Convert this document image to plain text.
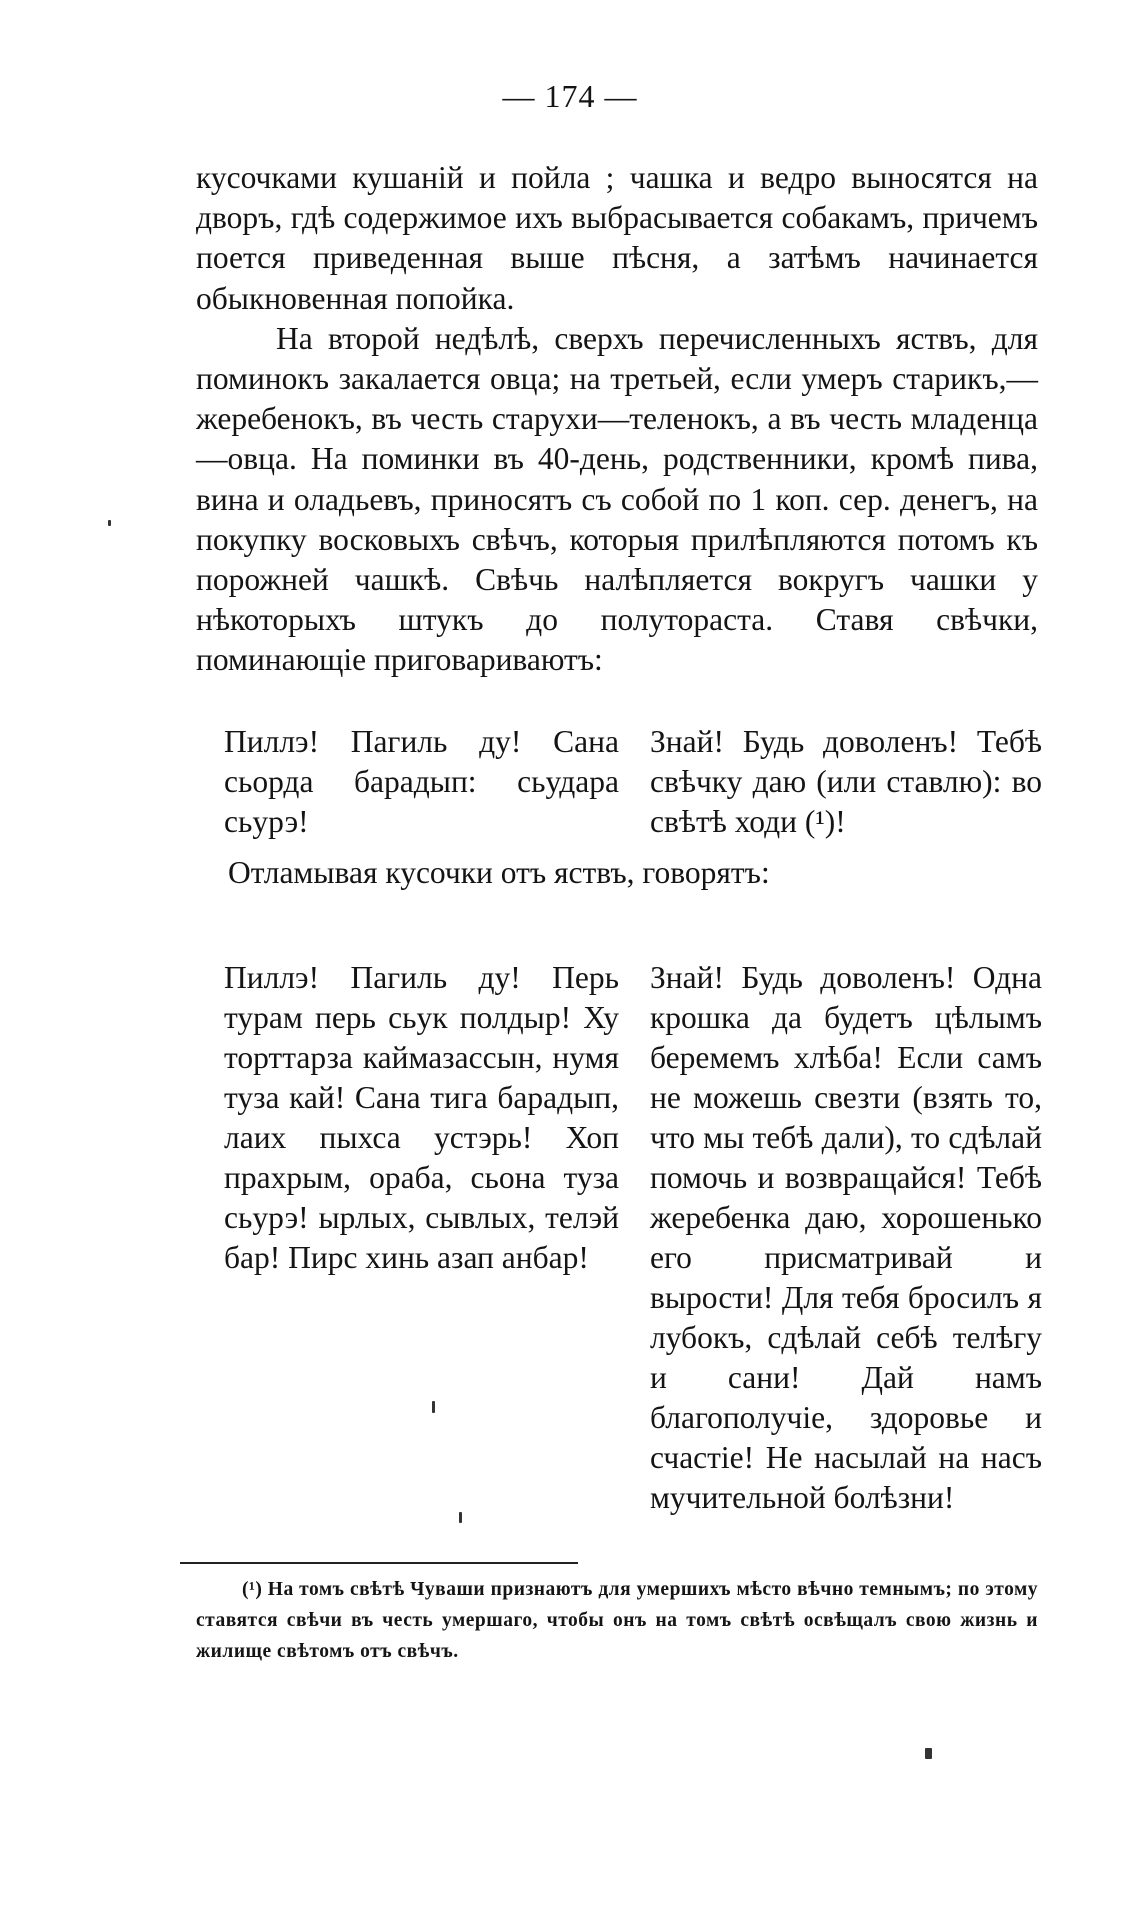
— 174 —

кусочками кушаній и пойла ; чашка и ведро выносятся на дворъ, гдѣ содержимое ихъ выбрасывается собакамъ, причемъ поется приведенная выше пѣсня, а затѣмъ начинается обыкновенная попойка.

На второй недѣлѣ, сверхъ перечисленныхъ яствъ, для поминокъ закалается овца; на третьей, если умеръ старикъ,—жеребенокъ, въ честь старухи—теленокъ, а въ честь младенца—овца. На поминки въ 40-день, родственники, кромѣ пива, вина и оладьевъ, приносятъ съ собой по 1 коп. сер. денегъ, на покупку восковыхъ свѣчъ, которыя прилѣпляются потомъ къ порожней чашкѣ. Свѣчь налѣпляется вокругъ чашки у нѣкоторыхъ штукъ до полутораста. Ставя свѣчки, поминающіе приговариваютъ:

Пиллэ! Пагиль ду! Сана сьорда барадып: сьудара сьурэ!

Пиллэ! Пагиль ду! Перь турам перь сьук полдыр! Ху торттарза каймазассын, нумя туза кай! Сана тига барадып, лаих пыхса устэрь! Хоп прахрым, ораба, сьона туза сьурэ! ырлых, сывлых, телэй бар! Пирс хинь азап анбар!

Знай! Будь доволенъ! Тебѣ свѣчку даю (или ставлю): во свѣтѣ ходи (¹)!

Знай! Будь доволенъ! Одна крошка да будетъ цѣлымъ беремемъ хлѣба! Если самъ не можешь свезти (взять то, что мы тебѣ дали), то сдѣлай помочь и возвращайся! Тебѣ жеребенка даю, хорошенько его присматривай и вырости! Для тебя бросилъ я лубокъ, сдѣлай себѣ телѣгу и сани! Дай намъ благополучіе, здоровье и счастіе! Не насылай на насъ мучительной болѣзни!

Отламывая кусочки отъ яствъ, говорятъ:

(¹) На томъ свѣтѣ Чуваши признаютъ для умершихъ мѣсто вѣчно темнымъ; по этому ставятся свѣчи въ честь умершаго, чтобы онъ на томъ свѣтѣ освѣщалъ свою жизнь и жилище свѣтомъ отъ свѣчъ.
